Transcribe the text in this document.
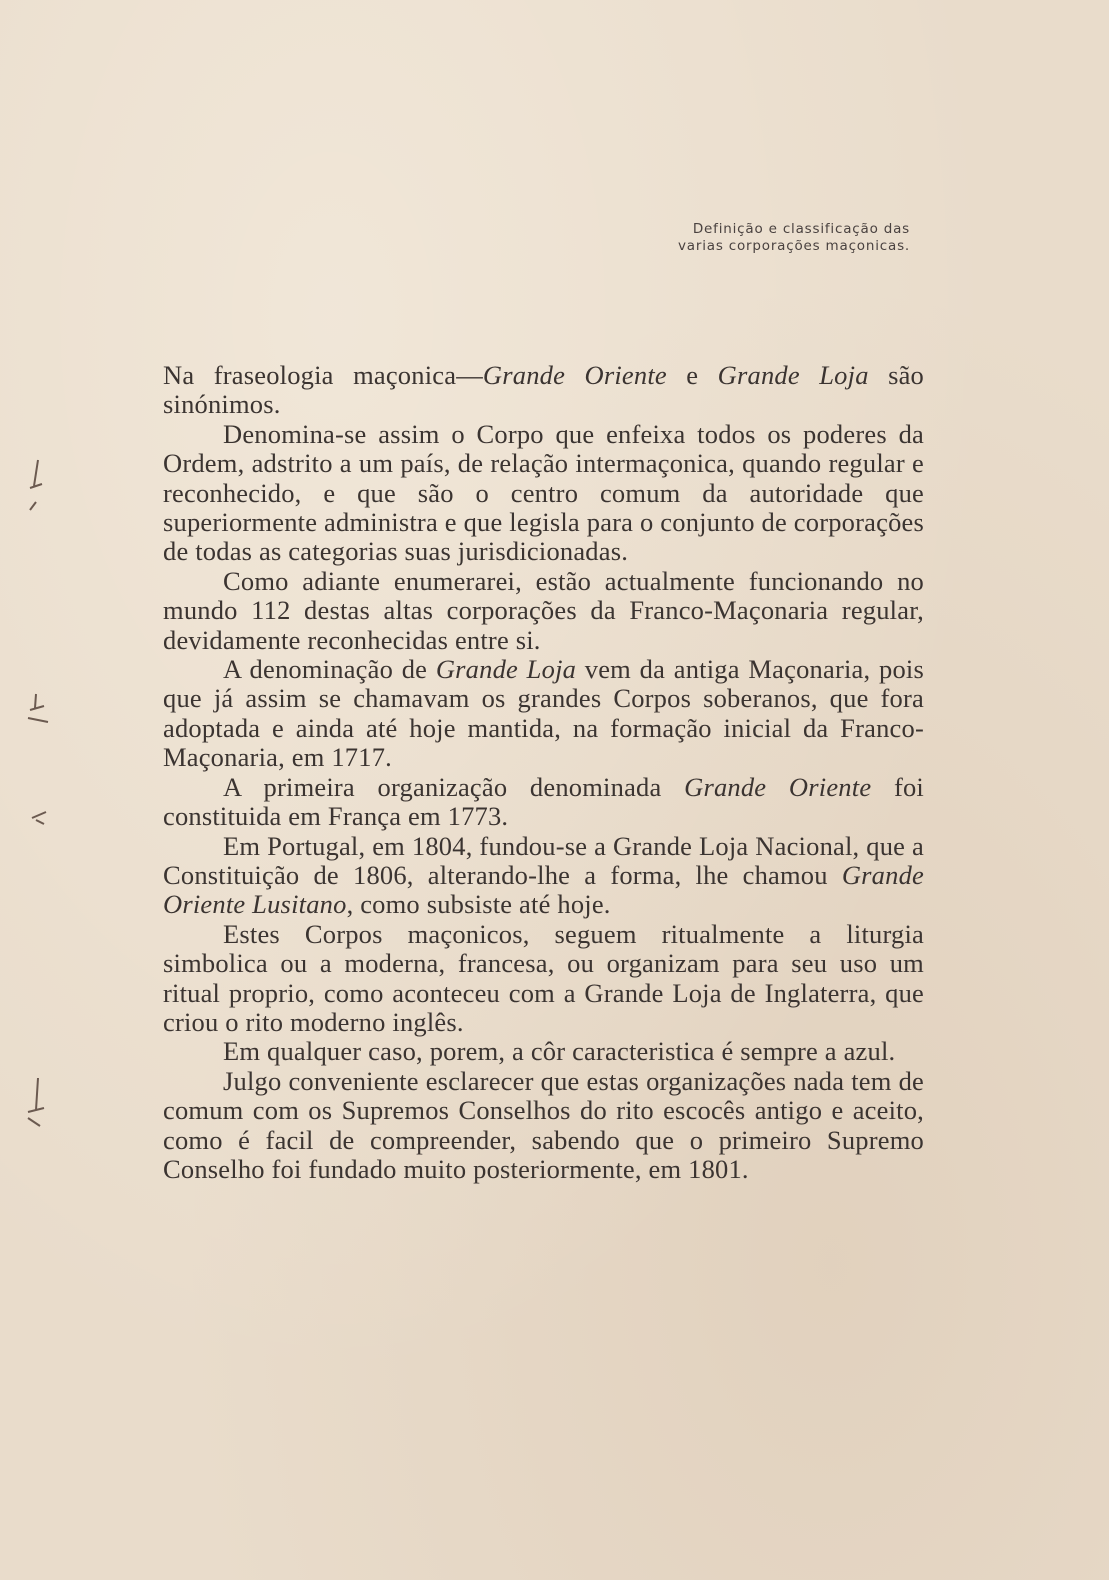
Definição e classificação das
varias corporações maçonicas.

Na fraseologia maçonica—Grande Oriente e Grande Loja são sinónimos.

Denomina-se assim o Corpo que enfeixa todos os poderes da Ordem, adstrito a um país, de relação intermaçonica, quando regular e reconhecido, e que são o centro comum da autoridade que superiormente administra e que legisla para o conjunto de corporações de todas as categorias suas jurisdicionadas.

Como adiante enumerarei, estão actualmente funcionando no mundo 112 destas altas corporações da Franco-Maçonaria regular, devidamente reconhecidas entre si.

A denominação de Grande Loja vem da antiga Maçonaria, pois que já assim se chamavam os grandes Corpos soberanos, que fora adoptada e ainda até hoje mantida, na formação inicial da Franco-Maçonaria, em 1717.

A primeira organização denominada Grande Oriente foi constituida em França em 1773.

Em Portugal, em 1804, fundou-se a Grande Loja Nacional, que a Constituição de 1806, alterando-lhe a forma, lhe chamou Grande Oriente Lusitano, como subsiste até hoje.

Estes Corpos maçonicos, seguem ritualmente a liturgia simbolica ou a moderna, francesa, ou organizam para seu uso um ritual proprio, como aconteceu com a Grande Loja de Inglaterra, que criou o rito moderno inglês.

Em qualquer caso, porem, a côr caracteristica é sempre a azul.

Julgo conveniente esclarecer que estas organizações nada tem de comum com os Supremos Conselhos do rito escocês antigo e aceito, como é facil de compreender, sabendo que o primeiro Supremo Conselho foi fundado muito posteriormente, em 1801.
